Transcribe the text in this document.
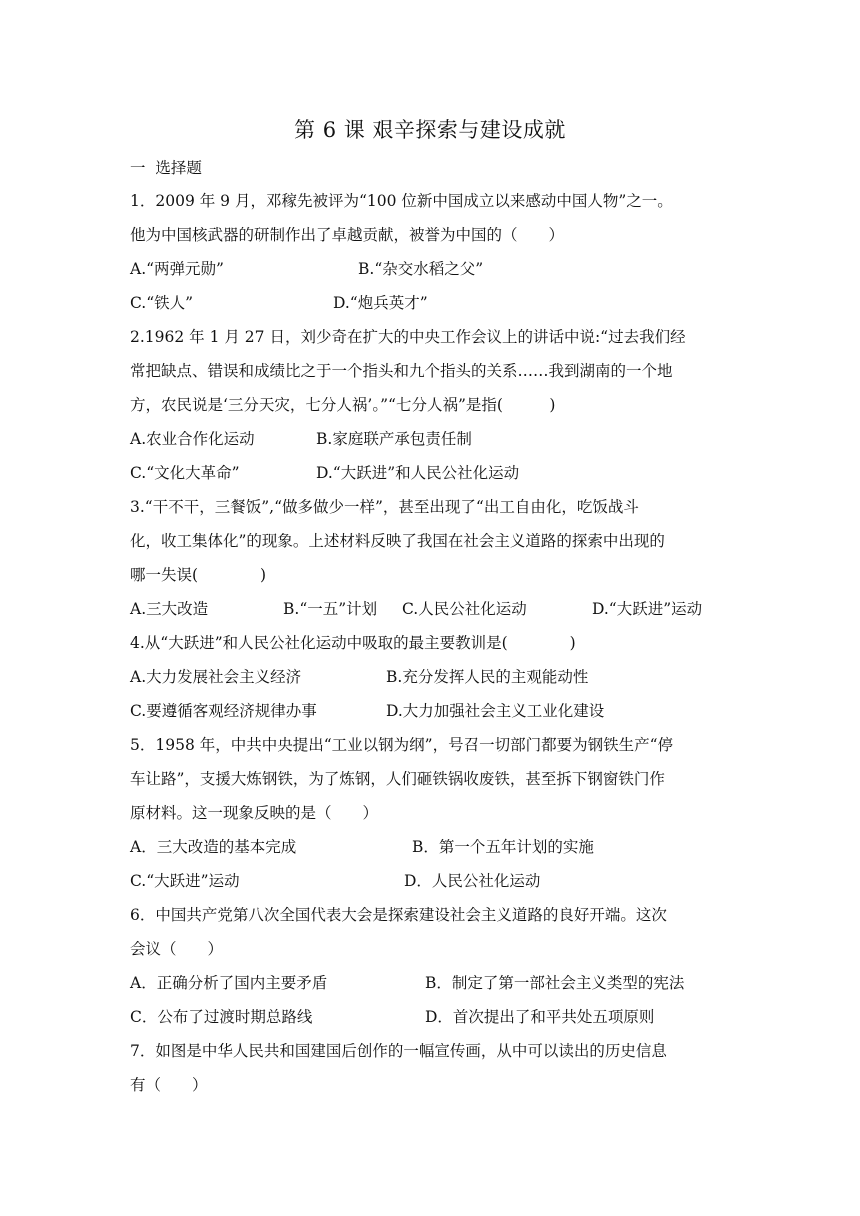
第 6 课 艰辛探索与建设成就
一  选择题
1．2009 年 9 月，邓稼先被评为“100 位新中国成立以来感动中国人物”之一。
他为中国核武器的研制作出了卓越贡献，被誉为中国的（　　）
A.“两弹元勋”	B.“杂交水稻之父”
C.“铁人”	D.“炮兵英才”
2.1962 年 1 月 27 日，刘少奇在扩大的中央工作会议上的讲话中说:“过去我们经
常把缺点、错误和成绩比之于一个指头和九个指头的关系……我到湖南的一个地
方，农民说是‘三分天灾，七分人祸’。”“七分人祸”是指(　　　)
A.农业合作化运动	B.家庭联产承包责任制
C.“文化大革命”	D.“大跃进”和人民公社化运动
3.“干不干，三餐饭”,“做多做少一样”，甚至出现了“出工自由化，吃饭战斗
化，收工集体化”的现象。上述材料反映了我国在社会主义道路的探索中出现的
哪一失误(　　　　)
A.三大改造	B.“一五”计划 C.人民公社化运动	D.“大跃进”运动
4.从“大跃进”和人民公社化运动中吸取的最主要教训是(　　　　)
A.大力发展社会主义经济	B.充分发挥人民的主观能动性
C.要遵循客观经济规律办事	D.大力加强社会主义工业化建设
5．1958 年，中共中央提出“工业以钢为纲”，号召一切部门都要为钢铁生产“停
车让路”，支援大炼钢铁，为了炼钢，人们砸铁锅收废铁，甚至拆下钢窗铁门作
原材料。这一现象反映的是（　　）
A．三大改造的基本完成	B．第一个五年计划的实施
C.“大跃进”运动	D．人民公社化运动
6．中国共产党第八次全国代表大会是探索建设社会主义道路的良好开端。这次
会议（　　）
A．正确分析了国内主要矛盾	B．制定了第一部社会主义类型的宪法
C．公布了过渡时期总路线	D．首次提出了和平共处五项原则
7．如图是中华人民共和国建国后创作的一幅宣传画，从中可以读出的历史信息
有（　　）
